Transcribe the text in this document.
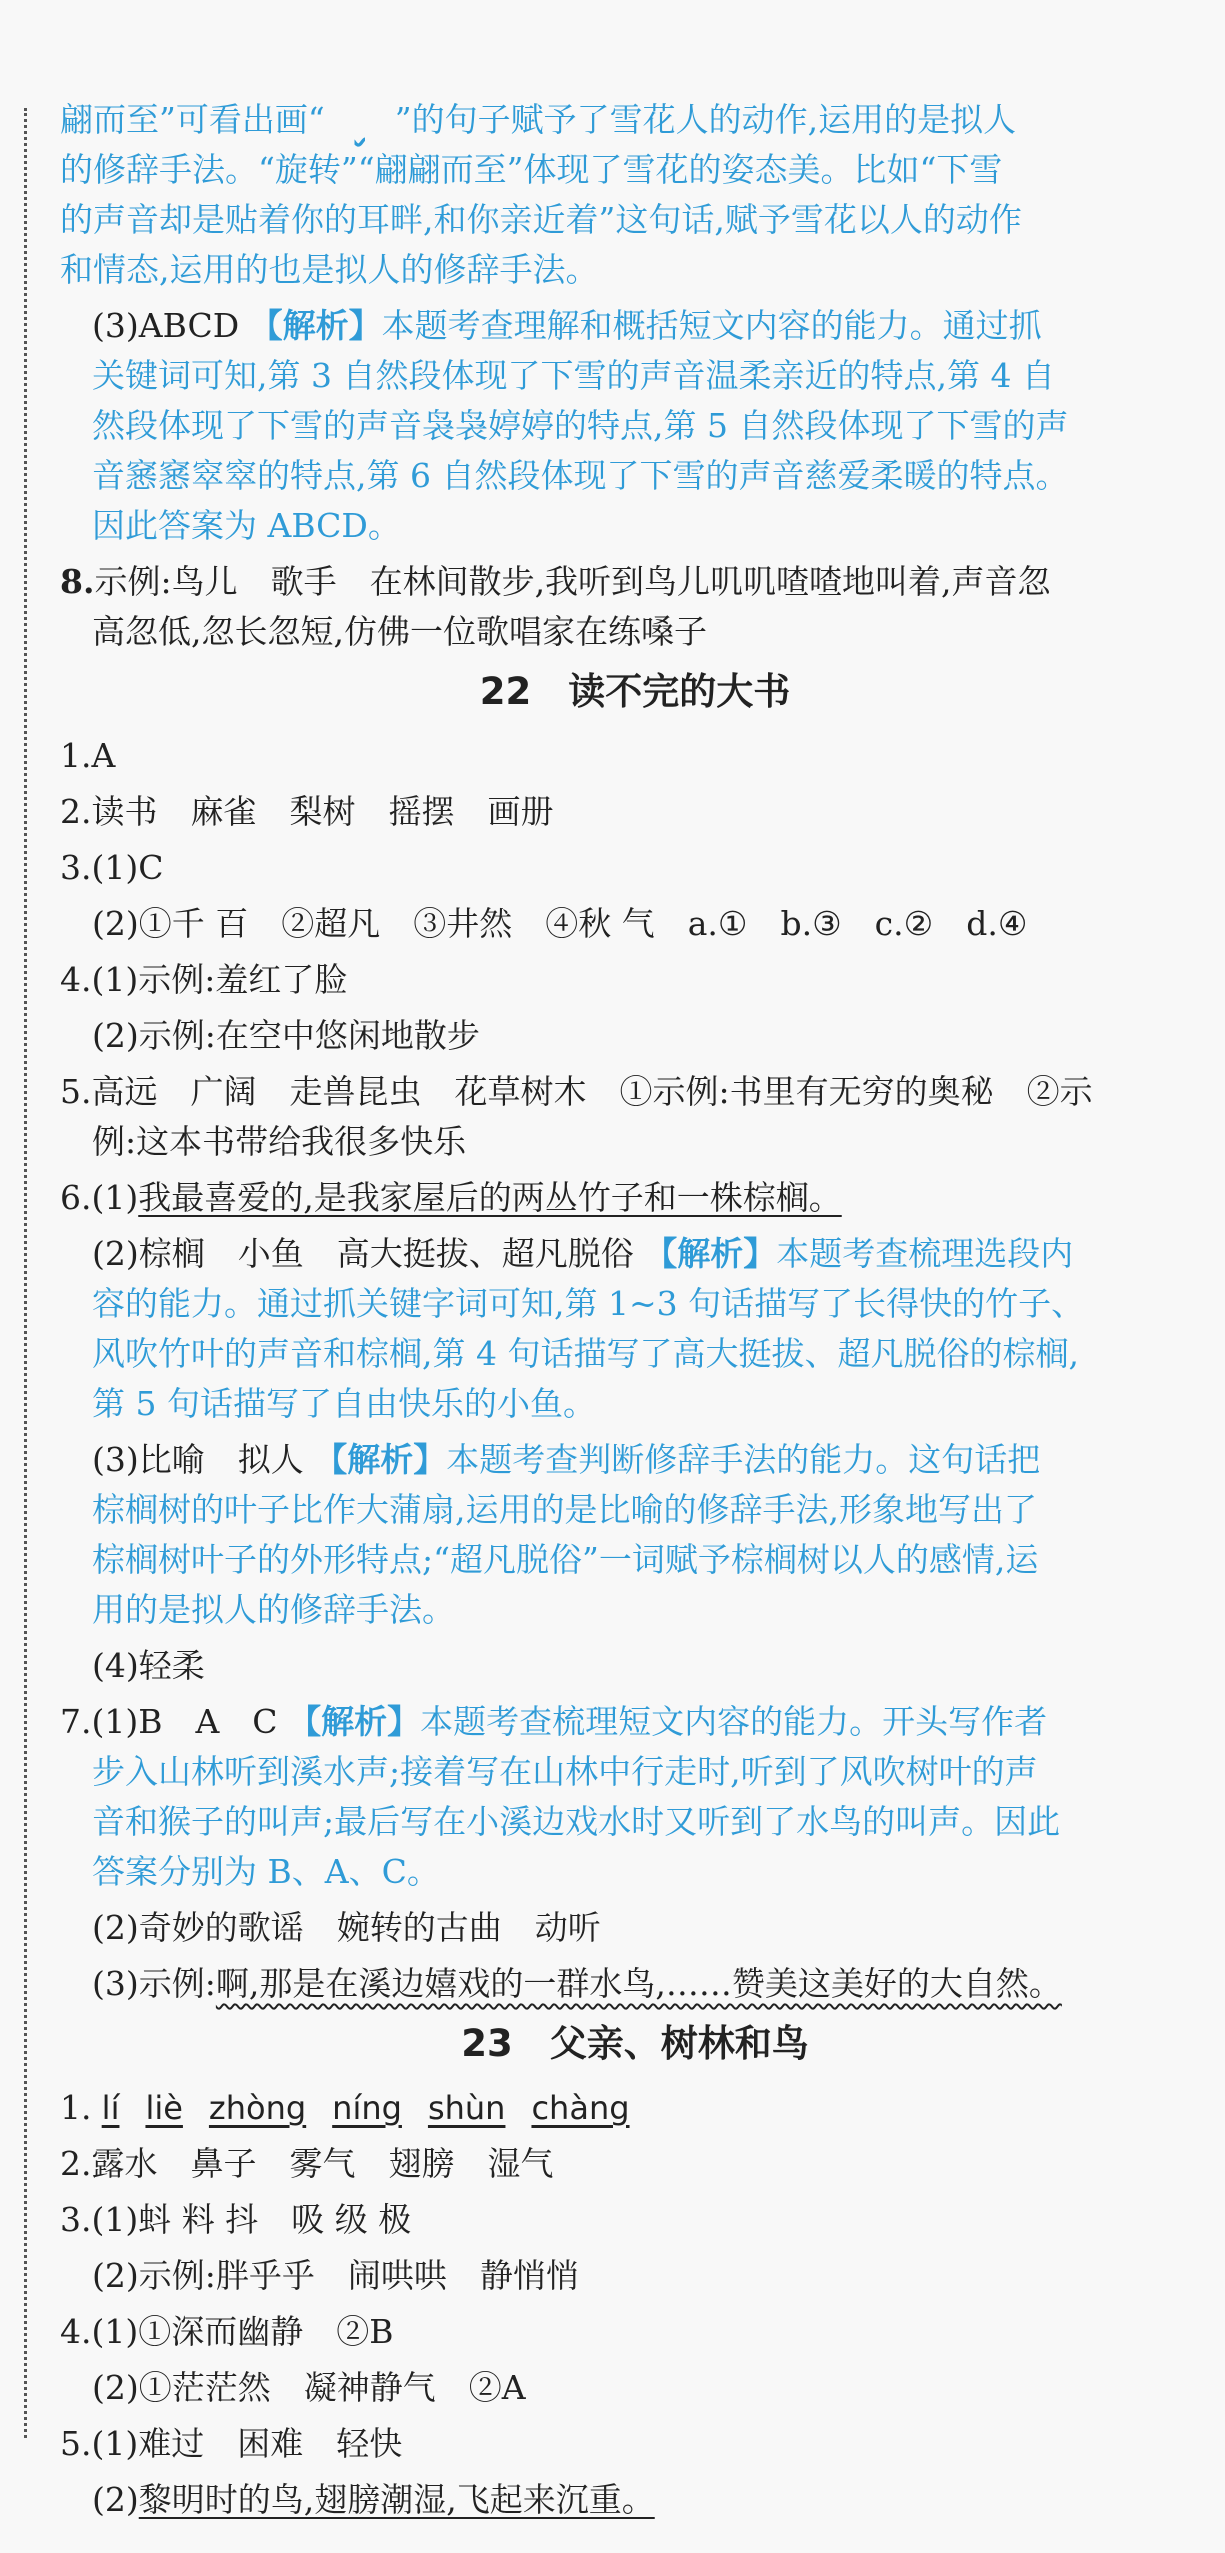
翩而至”可看出画“ ”的句子赋予了雪花人的动作,运用的是拟人
的修辞手法。“旋转”“翩翩而至”体现了雪花的姿态美。比如“下雪
的声音却是贴着你的耳畔,和你亲近着”这句话,赋予雪花以人的动作
和情态,运用的也是拟人的修辞手法。
(3)ABCD 【解析】本题考查理解和概括短文内容的能力。通过抓
关键词可知,第 3 自然段体现了下雪的声音温柔亲近的特点,第 4 自
然段体现了下雪的声音袅袅婷婷的特点,第 5 自然段体现了下雪的声
音窸窸窣窣的特点,第 6 自然段体现了下雪的声音慈爱柔暖的特点。
因此答案为 ABCD。
8.示例:鸟儿　歌手　在林间散步,我听到鸟儿叽叽喳喳地叫着,声音忽
高忽低,忽长忽短,仿佛一位歌唱家在练嗓子
22　读不完的大书
1.A
2.读书　麻雀　梨树　摇摆　画册
3.(1)C
(2)①千 百　②超凡　③井然　④秋 气　a.①　b.③　c.②　d.④
4.(1)示例:羞红了脸
(2)示例:在空中悠闲地散步
5.高远　广阔　走兽昆虫　花草树木　①示例:书里有无穷的奥秘　②示
例:这本书带给我很多快乐
6.(1)我最喜爱的,是我家屋后的两丛竹子和一株棕榈。
(2)棕榈　小鱼　高大挺拔、超凡脱俗 【解析】本题考查梳理选段内
容的能力。通过抓关键字词可知,第 1~3 句话描写了长得快的竹子、
风吹竹叶的声音和棕榈,第 4 句话描写了高大挺拔、超凡脱俗的棕榈,
第 5 句话描写了自由快乐的小鱼。
(3)比喻　拟人 【解析】本题考查判断修辞手法的能力。这句话把
棕榈树的叶子比作大蒲扇,运用的是比喻的修辞手法,形象地写出了
棕榈树叶子的外形特点;“超凡脱俗”一词赋予棕榈树以人的感情,运
用的是拟人的修辞手法。
(4)轻柔
7.(1)B　A　C 【解析】本题考查梳理短文内容的能力。开头写作者
步入山林听到溪水声;接着写在山林中行走时,听到了风吹树叶的声
音和猴子的叫声;最后写在小溪边戏水时又听到了水鸟的叫声。因此
答案分别为 B、A、C。
(2)奇妙的歌谣　婉转的古曲　动听
(3)示例:啊,那是在溪边嬉戏的一群水鸟,……赞美这美好的大自然。
23　父亲、树林和鸟
1. lí liè zhòng níng shùn chàng
2.露水　鼻子　雾气　翅膀　湿气
3.(1)蚪 料 抖　吸 级 极
(2)示例:胖乎乎　闹哄哄　静悄悄
4.(1)①深而幽静　②B
(2)①茫茫然　凝神静气　②A
5.(1)难过　困难　轻快
(2)黎明时的鸟,翅膀潮湿,飞起来沉重。
